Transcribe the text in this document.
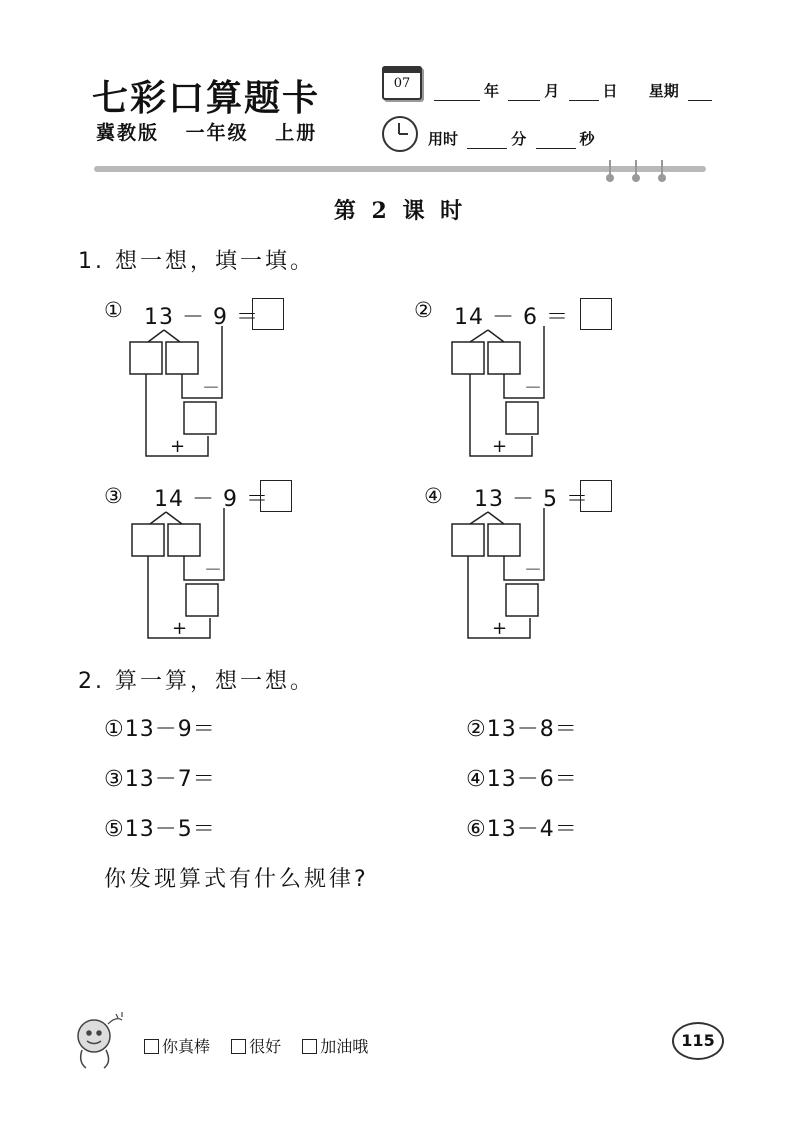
七彩口算题卡
冀教版 一年级 上册
07	年	月	日 星期
用时	分	秒
第 2 课 时
1. 想一想，填一填。
① 13 － 9 ＝
－
+
② 14 － 6 ＝
－
+
③ 14 － 9 ＝
－
+
④ 13 － 5 ＝
－
+
2. 算一算，想一想。
①13－9＝	②13－8＝
③13－7＝	④13－6＝
⑤13－5＝	⑥13－4＝
你发现算式有什么规律?
你真棒 很好 加油哦	115
